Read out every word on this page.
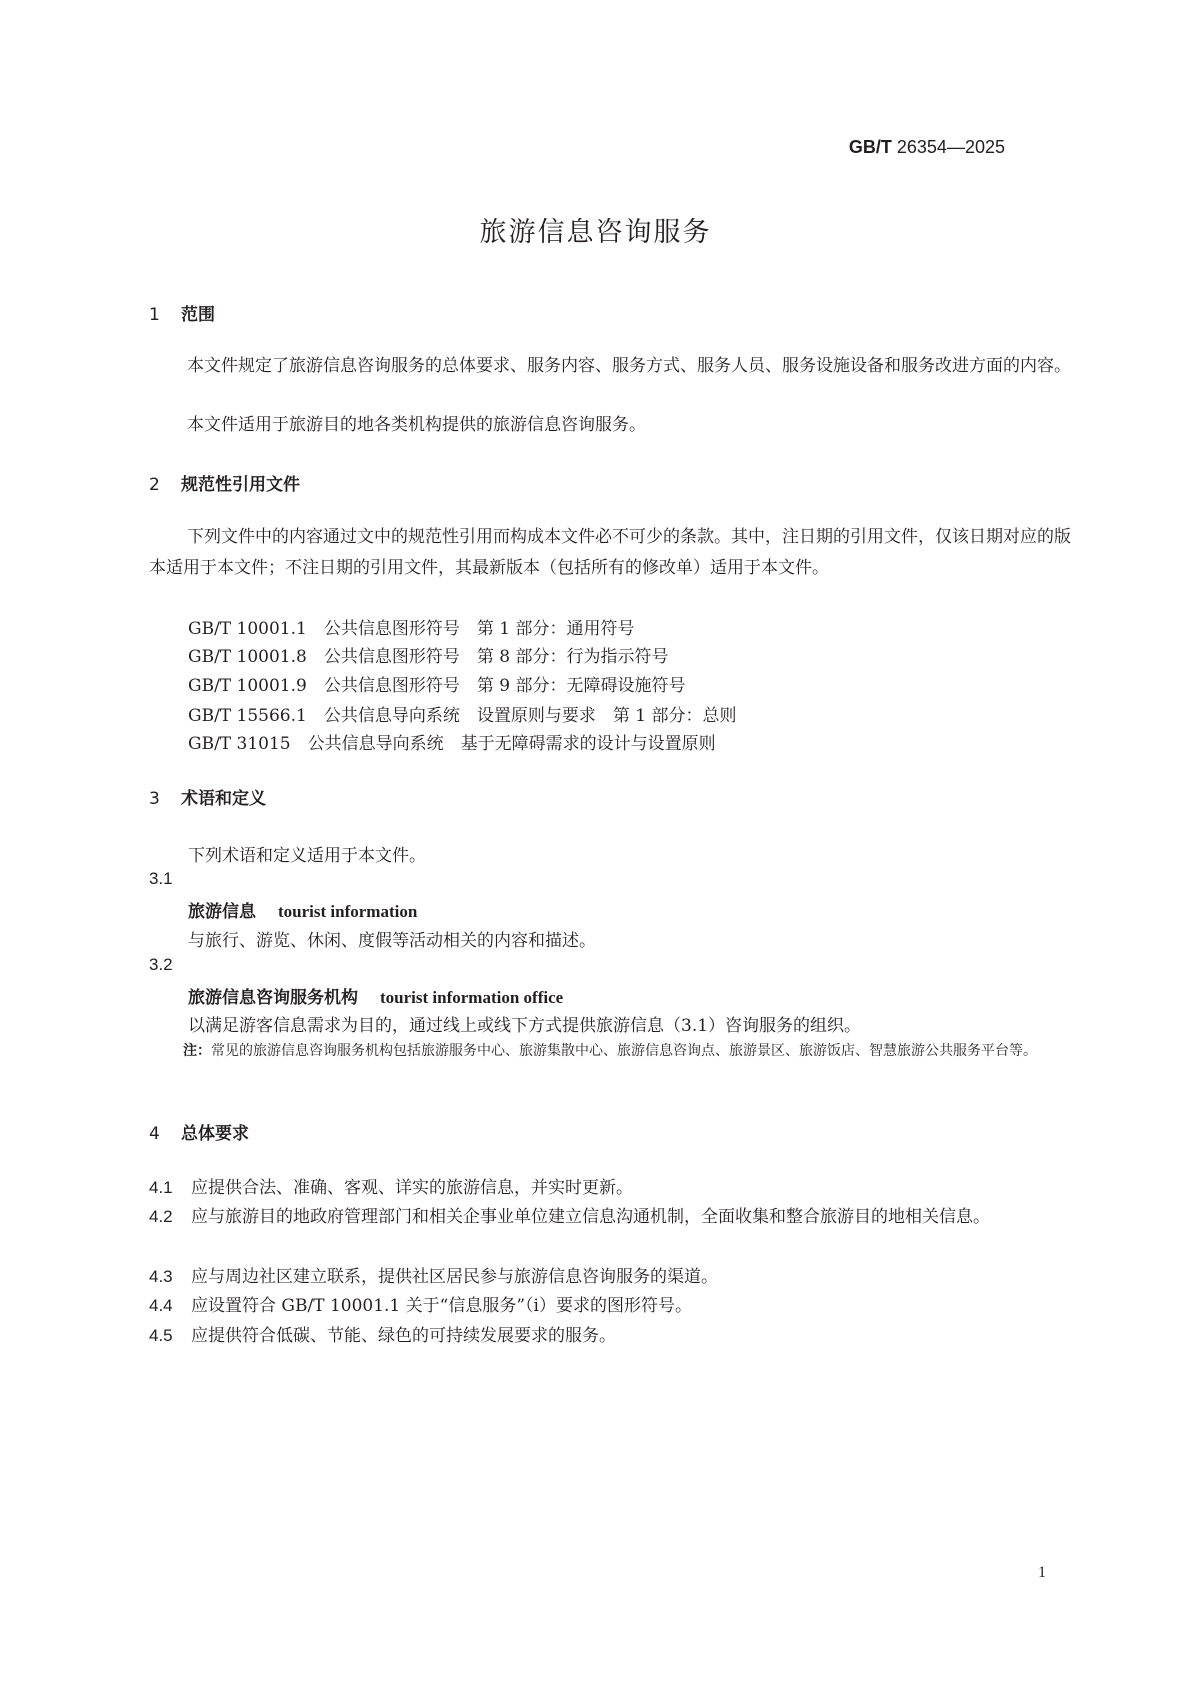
GB/T 26354—2025
旅游信息咨询服务
1 范围
本文件规定了旅游信息咨询服务的总体要求、服务内容、服务方式、服务人员、服务设施设备和服务改进方面的内容。
本文件适用于旅游目的地各类机构提供的旅游信息咨询服务。
2 规范性引用文件
下列文件中的内容通过文中的规范性引用而构成本文件必不可少的条款。其中，注日期的引用文件，仅该日期对应的版本适用于本文件；不注日期的引用文件，其最新版本（包括所有的修改单）适用于本文件。
GB/T 10001.1　公共信息图形符号　第 1 部分：通用符号
GB/T 10001.8　公共信息图形符号　第 8 部分：行为指示符号
GB/T 10001.9　公共信息图形符号　第 9 部分：无障碍设施符号
GB/T 15566.1　公共信息导向系统　设置原则与要求　第 1 部分：总则
GB/T 31015　公共信息导向系统　基于无障碍需求的设计与设置原则
3 术语和定义
下列术语和定义适用于本文件。
3.1
旅游信息 tourist information
与旅行、游览、休闲、度假等活动相关的内容和描述。
3.2
旅游信息咨询服务机构 tourist information office
以满足游客信息需求为目的，通过线上或线下方式提供旅游信息（3.1）咨询服务的组织。
注：常见的旅游信息咨询服务机构包括旅游服务中心、旅游集散中心、旅游信息咨询点、旅游景区、旅游饭店、智慧旅游公共服务平台等。
4 总体要求
4.1 应提供合法、准确、客观、详实的旅游信息，并实时更新。
4.2 应与旅游目的地政府管理部门和相关企事业单位建立信息沟通机制，全面收集和整合旅游目的地相关信息。
4.3 应与周边社区建立联系，提供社区居民参与旅游信息咨询服务的渠道。
4.4 应设置符合 GB/T 10001.1 关于“信息服务”（i）要求的图形符号。
4.5 应提供符合低碳、节能、绿色的可持续发展要求的服务。
1
